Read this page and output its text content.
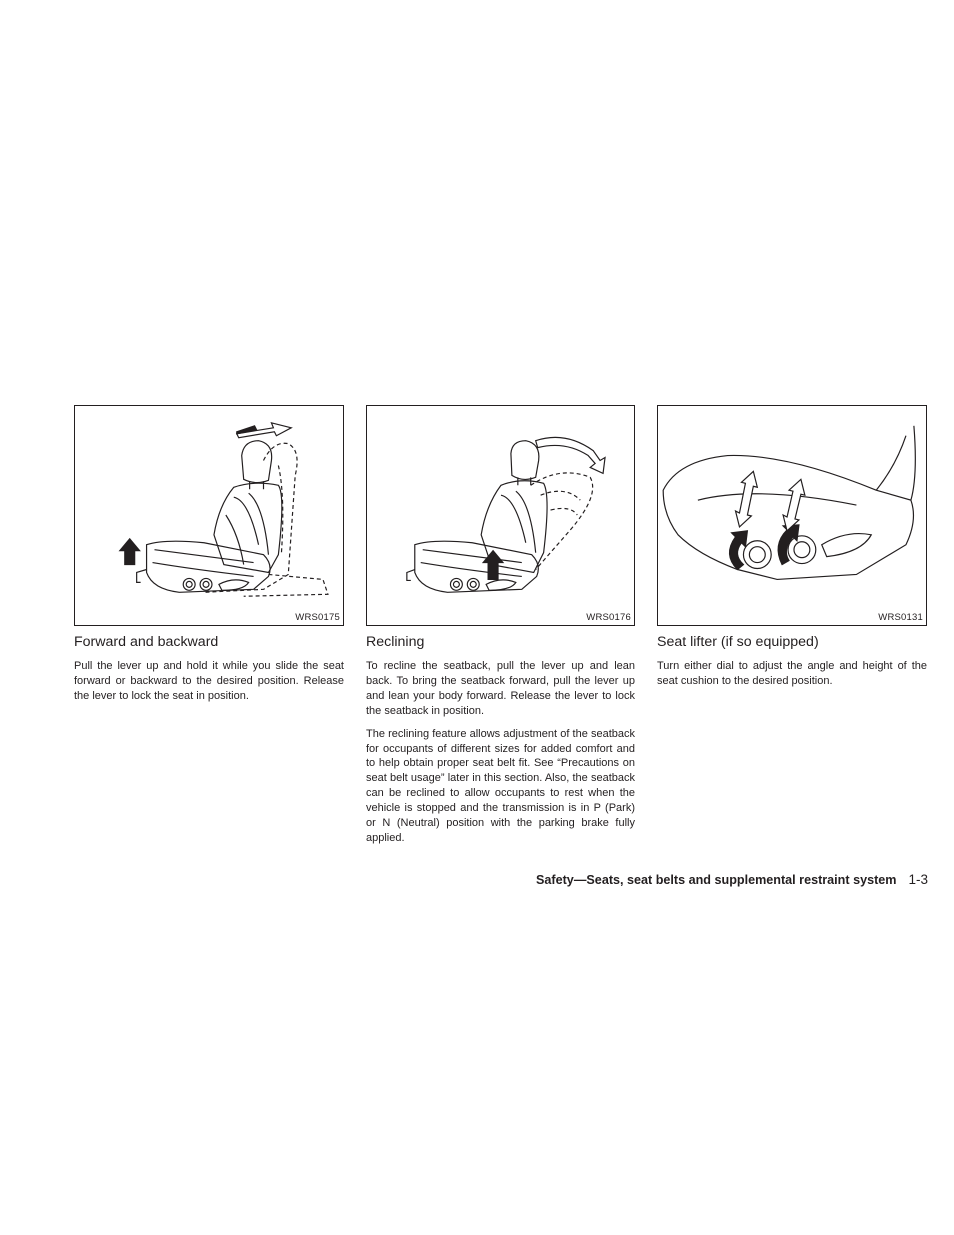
WRS0175
Forward and backward

Pull the lever up and hold it while you slide the seat forward or backward to the desired position. Release the lever to lock the seat in position.

WRS0176
Reclining

To recline the seatback, pull the lever up and lean back. To bring the seatback forward, pull the lever up and lean your body forward. Release the lever to lock the seatback in position.

The reclining feature allows adjustment of the seatback for occupants of different sizes for added comfort and to help obtain proper seat belt fit. See “Precautions on seat belt usage” later in this section. Also, the seatback can be reclined to allow occupants to rest when the vehicle is stopped and the transmission is in P (Park) or N (Neutral) position with the parking brake fully applied.

WRS0131
Seat lifter (if so equipped)

Turn either dial to adjust the angle and height of the seat cushion to the desired position.

Safety—Seats, seat belts and supplemental restraint system 1-3
